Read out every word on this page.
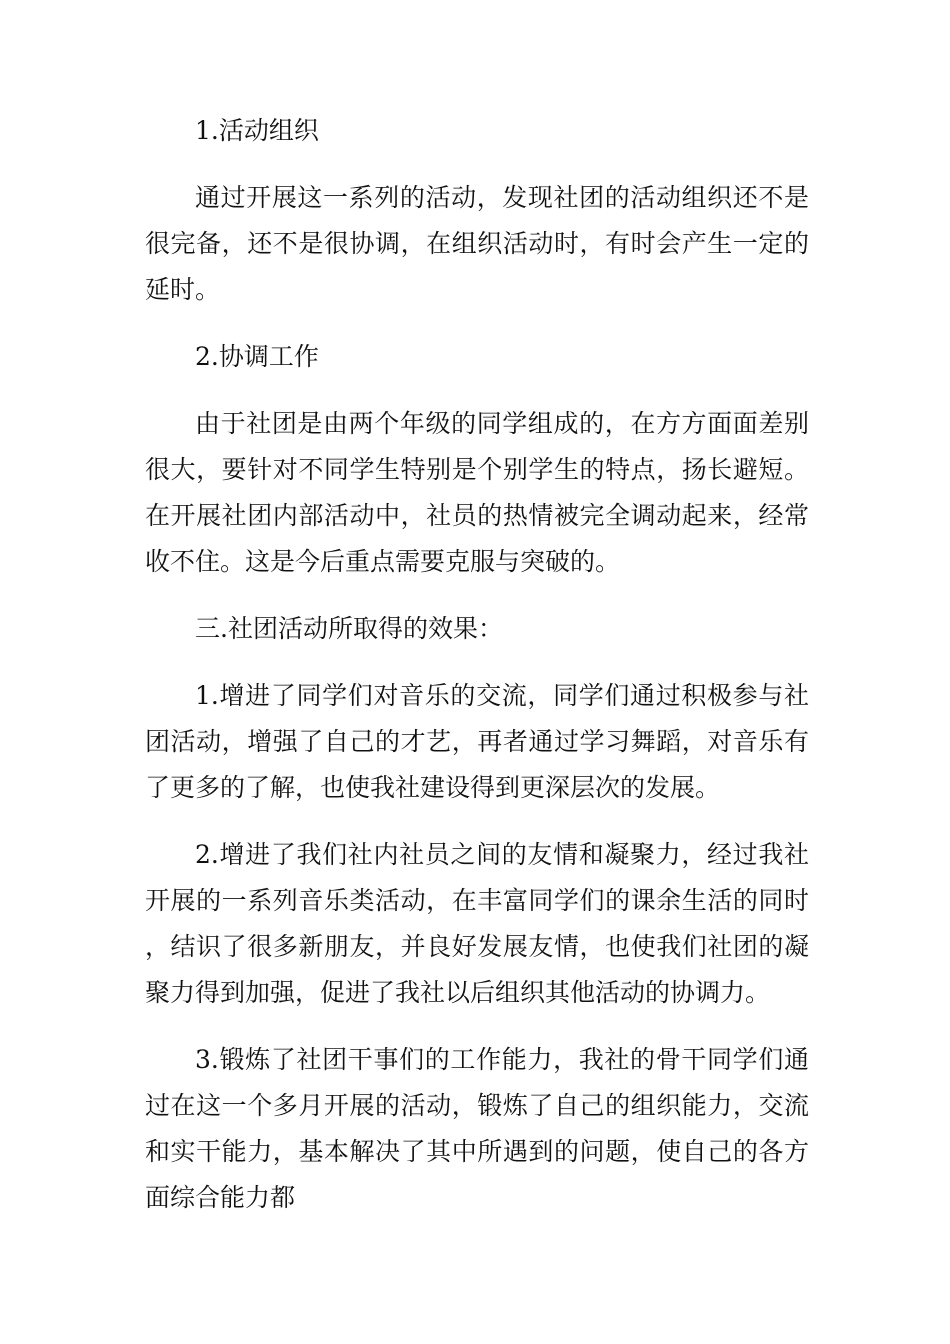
1.活动组织

通过开展这一系列的活动，发现社团的活动组织还不是很完备，还不是很协调，在组织活动时，有时会产生一定的延时。

2.协调工作

由于社团是由两个年级的同学组成的，在方方面面差别很大，要针对不同学生特别是个别学生的特点，扬长避短。在开展社团内部活动中，社员的热情被完全调动起来，经常收不住。这是今后重点需要克服与突破的。

三.社团活动所取得的效果：

1.增进了同学们对音乐的交流，同学们通过积极参与社团活动，增强了自己的才艺，再者通过学习舞蹈，对音乐有了更多的了解，也使我社建设得到更深层次的发展。

2.增进了我们社内社员之间的友情和凝聚力，经过我社开展的一系列音乐类活动，在丰富同学们的课余生活的同时，结识了很多新朋友，并良好发展友情，也使我们社团的凝聚力得到加强，促进了我社以后组织其他活动的协调力。

3.锻炼了社团干事们的工作能力，我社的骨干同学们通过在这一个多月开展的活动，锻炼了自己的组织能力，交流和实干能力，基本解决了其中所遇到的问题，使自己的各方面综合能力都
